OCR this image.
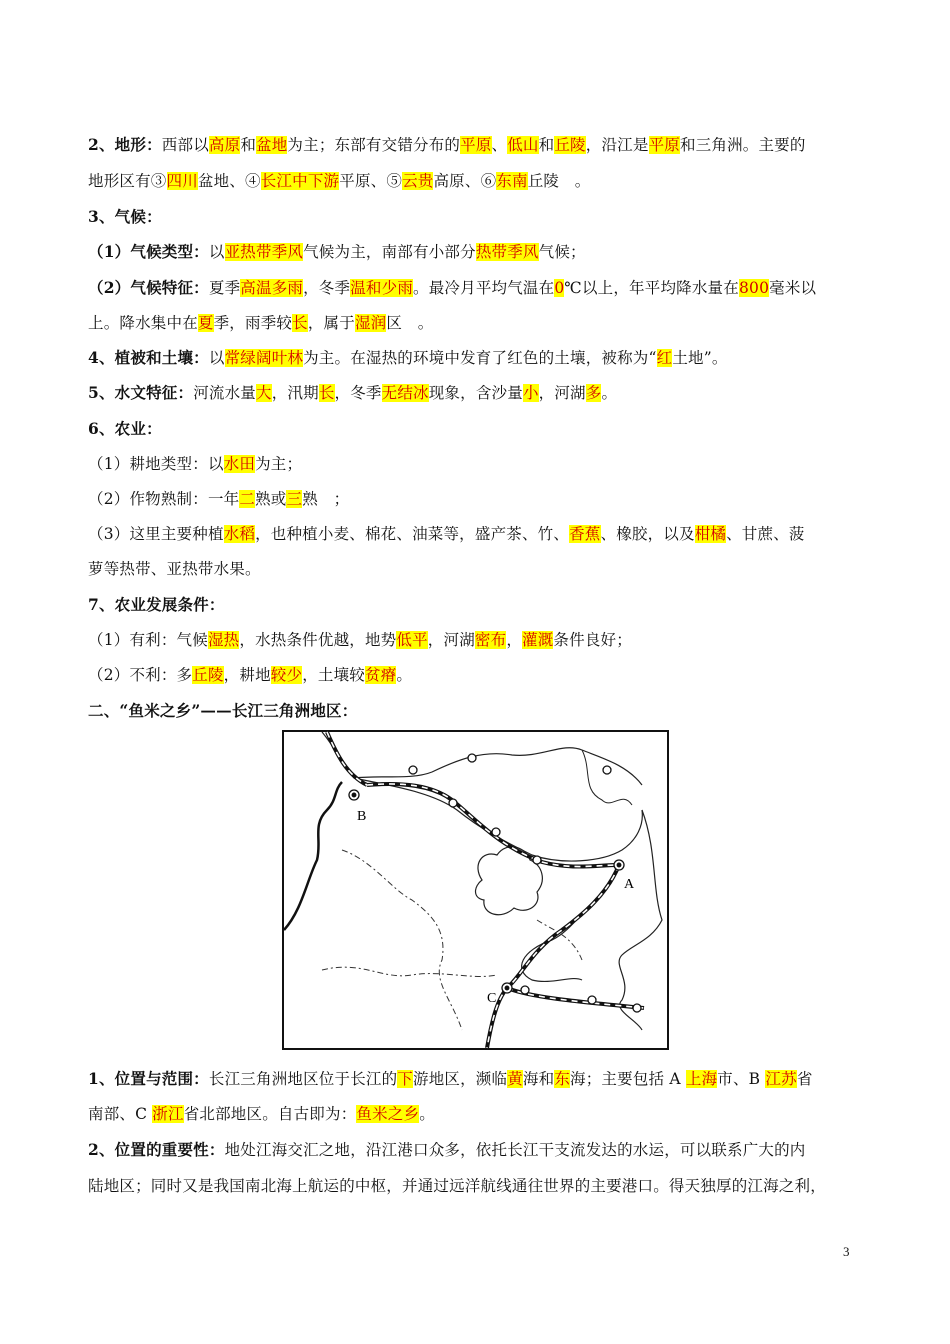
2、地形：西部以高原和盆地为主；东部有交错分布的平原、低山和丘陵，沿江是平原和三角洲。主要的
地形区有③四川盆地、④长江中下游平原、⑤云贵高原、⑥东南丘陵　。
3、气候：
（1）气候类型：以亚热带季风气候为主，南部有小部分热带季风气候；
（2）气候特征：夏季高温多雨，冬季温和少雨。最冷月平均气温在0℃以上，年平均降水量在800毫米以
上。降水集中在夏季，雨季较长，属于湿润区　。
4、植被和土壤：以常绿阔叶林为主。在湿热的环境中发育了红色的土壤，被称为“红土地”。
5、水文特征：河流水量大，汛期长，冬季无结冰现象，含沙量小，河湖多。
6、农业：
（1）耕地类型：以水田为主；
（2）作物熟制：一年二熟或三熟　；
（3）这里主要种植水稻，也种植小麦、棉花、油菜等，盛产茶、竹、香蕉、橡胶，以及柑橘、甘蔗、菠
萝等热带、亚热带水果。
7、农业发展条件：
（1）有利：气候湿热，水热条件优越，地势低平，河湖密布，灌溉条件良好；
（2）不利：多丘陵，耕地较少，土壤较贫瘠。
二、“鱼米之乡”——长江三角洲地区：
B
A
C
1、位置与范围：长江三角洲地区位于长江的下游地区，濒临黄海和东海；主要包括 A 上海市、B 江苏省
南部、C 浙江省北部地区。自古即为：鱼米之乡。
2、位置的重要性：地处江海交汇之地，沿江港口众多，依托长江干支流发达的水运，可以联系广大的内
陆地区；同时又是我国南北海上航运的中枢，并通过远洋航线通往世界的主要港口。得天独厚的江海之利，
3
